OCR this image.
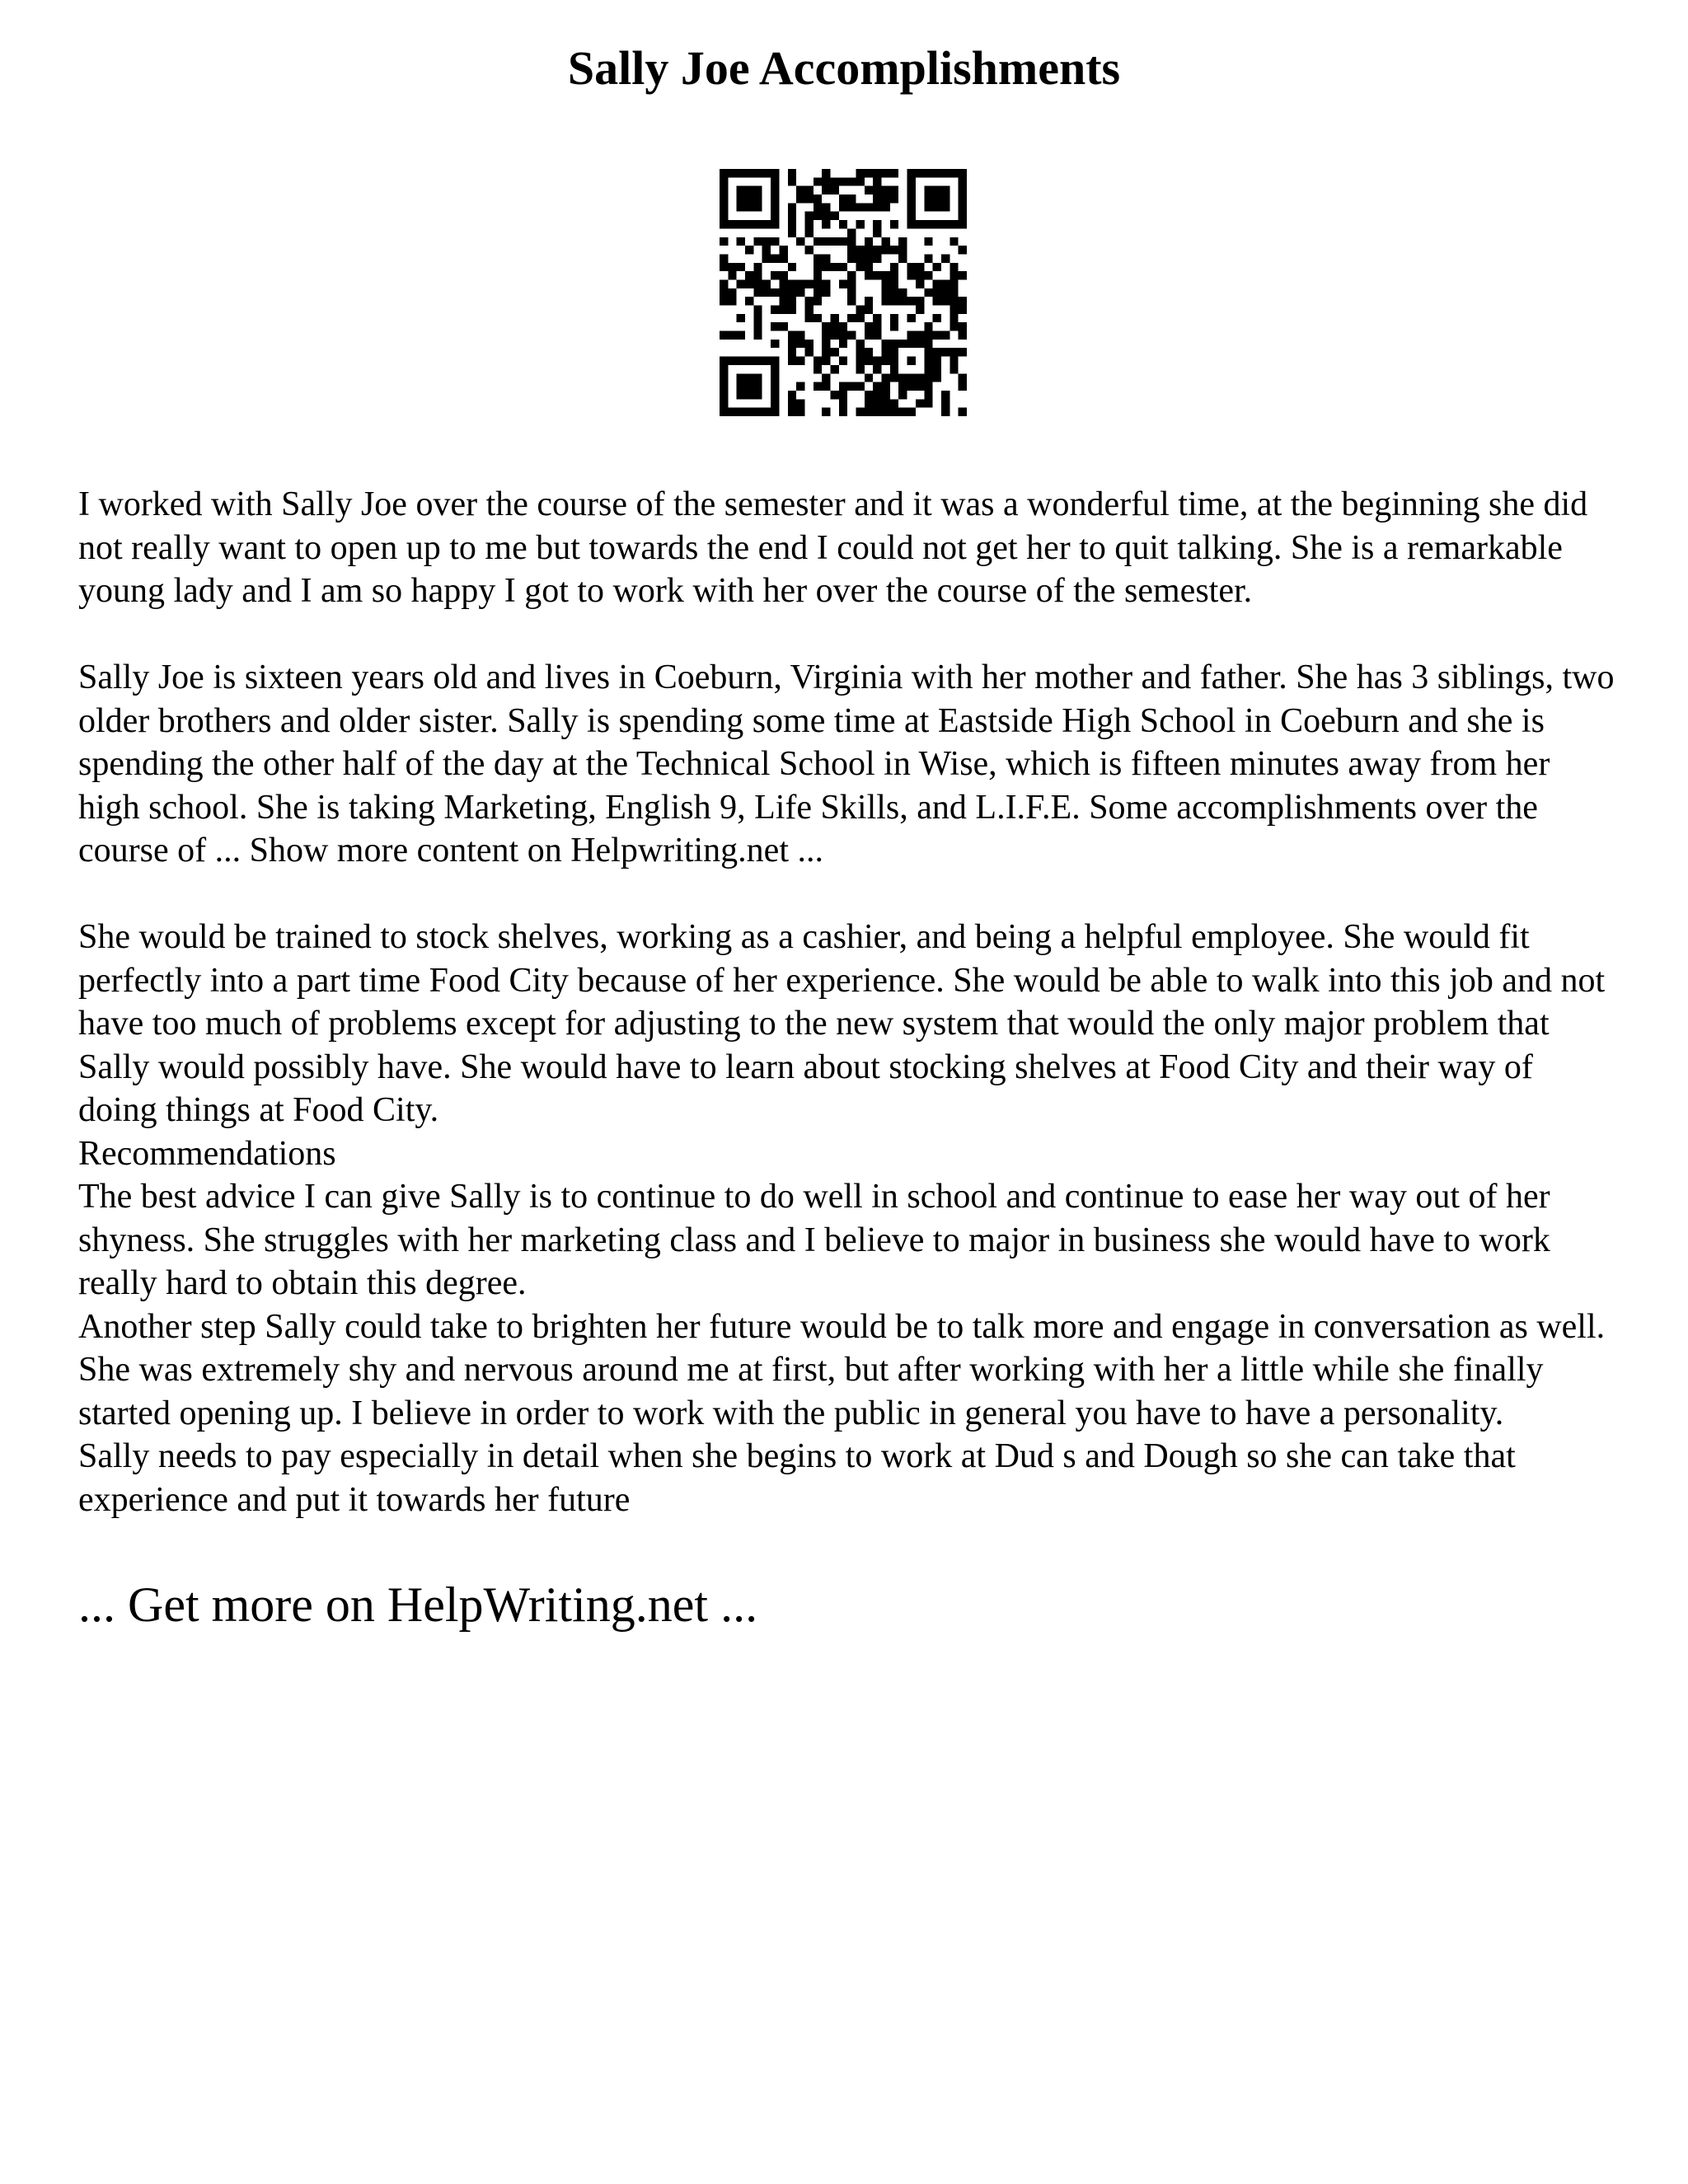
Sally Joe Accomplishments

I worked with Sally Joe over the course of the semester and it was a wonderful time, at the beginning she did not really want to open up to me but towards the end I could not get her to quit talking. She is a remarkable young lady and I am so happy I got to work with her over the course of the semester.

Sally Joe is sixteen years old and lives in Coeburn, Virginia with her mother and father. She has 3 siblings, two older brothers and older sister. Sally is spending some time at Eastside High School in Coeburn and she is spending the other half of the day at the Technical School in Wise, which is fifteen minutes away from her high school. She is taking Marketing, English 9, Life Skills, and L.I.F.E. Some accomplishments over the course of ... Show more content on Helpwriting.net ...

She would be trained to stock shelves, working as a cashier, and being a helpful employee. She would fit perfectly into a part time Food City because of her experience. She would be able to walk into this job and not have too much of problems except for adjusting to the new system that would the only major problem that Sally would possibly have. She would have to learn about stocking shelves at Food City and their way of doing things at Food City.

Recommendations

The best advice I can give Sally is to continue to do well in school and continue to ease her way out of her shyness. She struggles with her marketing class and I believe to major in business she would have to work really hard to obtain this degree.

Another step Sally could take to brighten her future would be to talk more and engage in conversation as well. She was extremely shy and nervous around me at first, but after working with her a little while she finally started opening up. I believe in order to work with the public in general you have to have a personality.

Sally needs to pay especially in detail when she begins to work at Dud s and Dough so she can take that experience and put it towards her future

... Get more on HelpWriting.net ...
